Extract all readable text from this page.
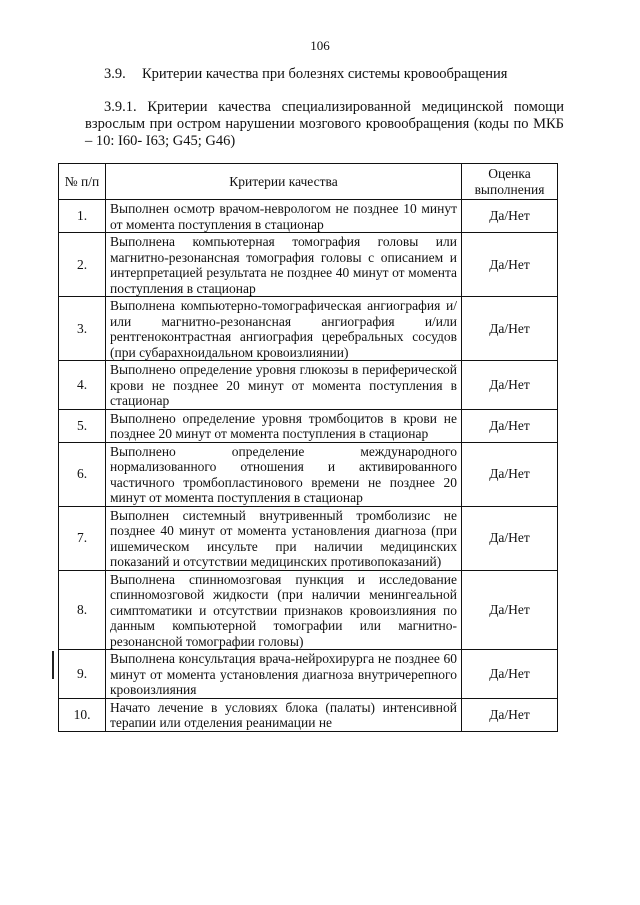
106
3.9. Критерии качества при болезнях системы кровообращения
3.9.1. Критерии качества специализированной медицинской помощи взрослым при остром нарушении мозгового кровообращения (коды по МКБ – 10: I60- I63; G45; G46)
№ п/п	Критерии качества	Оценка выполнения
1.	Выполнен осмотр врачом-неврологом не позднее 10 минут от момента поступления в стационар	Да/Нет
2.	Выполнена компьютерная томография головы или магнитно-резонансная томография головы с описанием и интерпретацией результата не позднее 40 минут от момента поступления в стационар	Да/Нет
3.	Выполнена компьютерно-томографическая ангиография и/или магнитно-резонансная ангиография и/или рентгеноконтрастная ангиография церебральных сосудов (при субарахноидальном кровоизлиянии)	Да/Нет
4.	Выполнено определение уровня глюкозы в периферической крови не позднее 20 минут от момента поступления в стационар	Да/Нет
5.	Выполнено определение уровня тромбоцитов в крови не позднее 20 минут от момента поступления в стационар	Да/Нет
6.	Выполнено определение международного нормализованного отношения и активированного частичного тромбопластинового времени не позднее 20 минут от момента поступления в стационар	Да/Нет
7.	Выполнен системный внутривенный тромболизис не позднее 40 минут от момента установления диагноза (при ишемическом инсульте при наличии медицинских показаний и отсутствии медицинских противопоказаний)	Да/Нет
8.	Выполнена спинномозговая пункция и исследование спинномозговой жидкости (при наличии менингеальной симптоматики и отсутствии признаков кровоизлияния по данным компьютерной томографии или магнитно-резонансной томографии головы)	Да/Нет
9.	Выполнена консультация врача-нейрохирурга не позднее 60 минут от момента установления диагноза внутричерепного кровоизлияния	Да/Нет
10.	Начато лечение в условиях блока (палаты) интенсивной терапии или отделения реанимации не	Да/Нет
